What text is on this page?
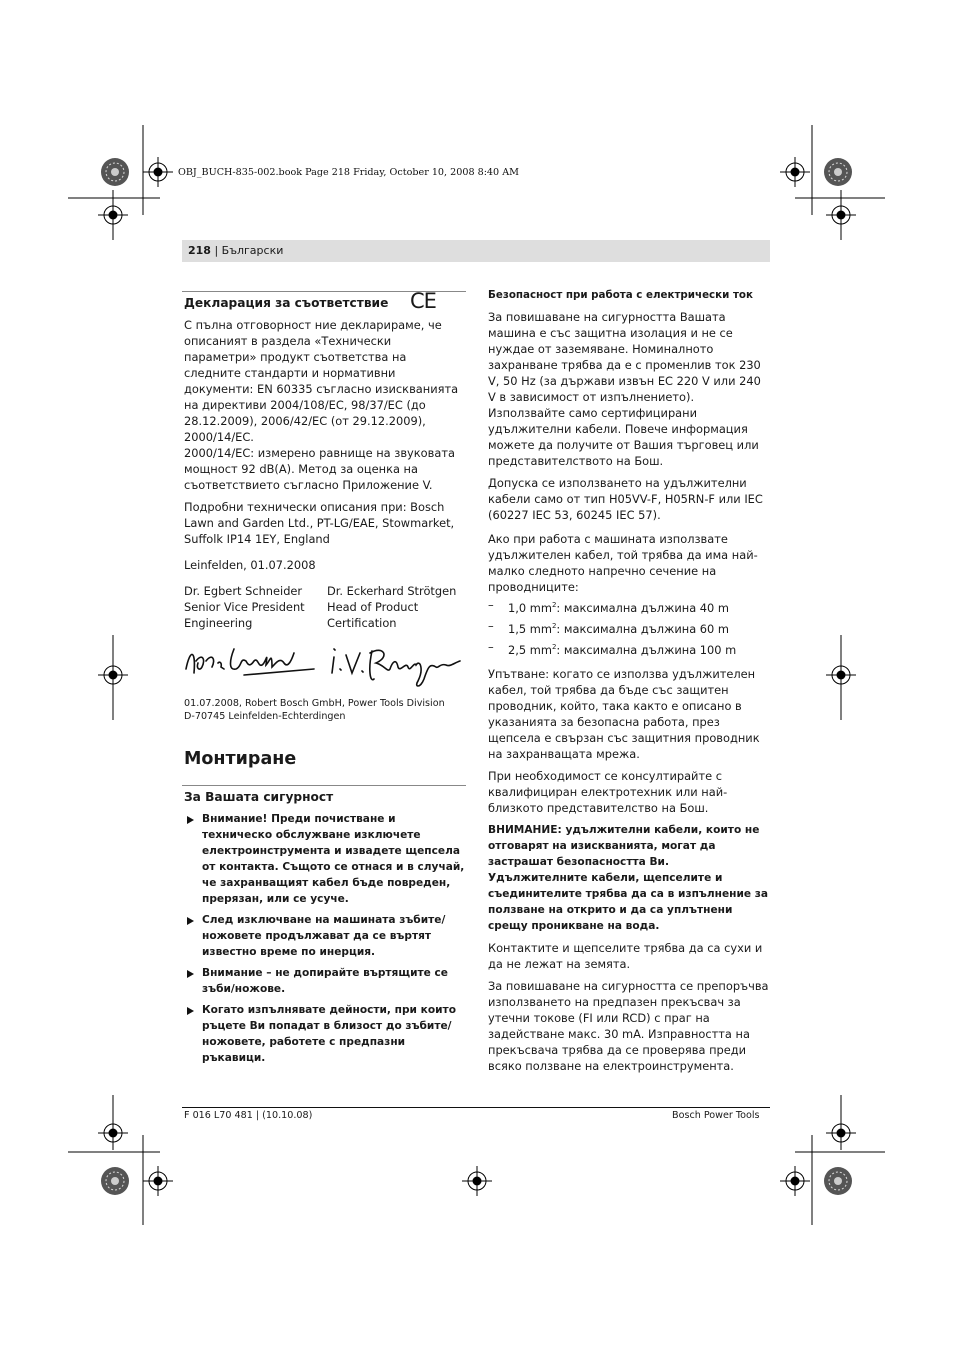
OBJ_BUCH-835-002.book Page 218 Friday, October 10, 2008 8:40 AM
218 | Български
Декларация за съответствие CE

С пълна отговорност ние декларираме, че описаният в раздела «Технически параметри» продукт съответства на следните стандарти и нормативни документи: EN 60335 съгласно изискванията на директиви 2004/108/ЕС, 98/37/ЕС (до 28.12.2009), 2006/42/ЕС (от 29.12.2009), 2000/14/ЕС.

2000/14/ЕС: измерено равнище на звуковата мощност 92 dB(A). Метод за оценка на съответствието съгласно Приложение V.

Подробни технически описания при: Bosch Lawn and Garden Ltd., PT-LG/EAE, Stowmarket, Suffolk IP14 1EY, England

Leinfelden, 01.07.2008

Dr. Egbert Schneider
Senior Vice President
Engineering
Dr. Eckerhard Strötgen
Head of Product
Certification
01.07.2008, Robert Bosch GmbH, Power Tools Division
D-70745 Leinfelden-Echterdingen
Монтиране
За Вашата сигурност
Внимание! Преди почистване и техническо обслужване изключете електроинструмента и извадете щепсела от контакта. Същото се отнася и в случай, че захранващият кабел бъде повреден, прерязан, или се усуче.
След изключване на машината зъбите/ножовете продължават да се въртят известно време по инерция.
Внимание – не допирайте въртящите се зъби/ножове.
Когато изпълнявате дейности, при които ръцете Ви попадат в близост до зъбите/ножовете, работете с предпазни ръкавици.
Безопасност при работа с електрически ток

За повишаване на сигурността Вашата машина е със защитна изолация и не се нуждае от заземяване. Номиналното захранване трябва да е с променлив ток 230 V, 50 Hz (за държави извън ЕС 220 V или 240 V в зависимост от изпълнението). Използвайте само сертифицирани удължителни кабели. Повече информация можете да получите от Вашия търговец или представителството на Бош.

Допуска се използването на удължителни кабели само от тип H05VV-F, H05RN-F или IEC (60227 IEC 53, 60245 IEC 57).

Ако при работа с машината използвате удължителен кабел, той трябва да има най-малко следното напречно сечение на проводниците:

– 1,0 $mm^2$: максимална дължина 40 m
– 1,5 $mm^2$: максимална дължина 60 m
– 2,5 $mm^2$: максимална дължина 100 m

Упътване: когато се използва удължителен кабел, той трябва да бъде със защитен проводник, който, така както е описано в указанията за безопасна работа, през щепсела е свързан със защитния проводник на захранващата мрежа.

При необходимост се консултирайте с квалифициран електротехник или най-близкото представителство на Бош.

ВНИМАНИЕ: удължителни кабели, които не отговарят на изискванията, могат да застрашат безопасността Ви. Удължителните кабели, щепселите и съединителите трябва да са в изпълнение за ползване на открито и да са уплътнени срещу проникване на вода.

Контактите и щепселите трябва да са сухи и да не лежат на земята.

За повишаване на сигурността се препоръчва използването на предпазен прекъсвач за утечни токове (FI или RCD) с праг на задействане макс. 30 mA. Изправността на прекъсвача трябва да се проверява преди всяко ползване на електроинструмента.

F 016 L70 481 | (10.10.08)	Bosch Power Tools
